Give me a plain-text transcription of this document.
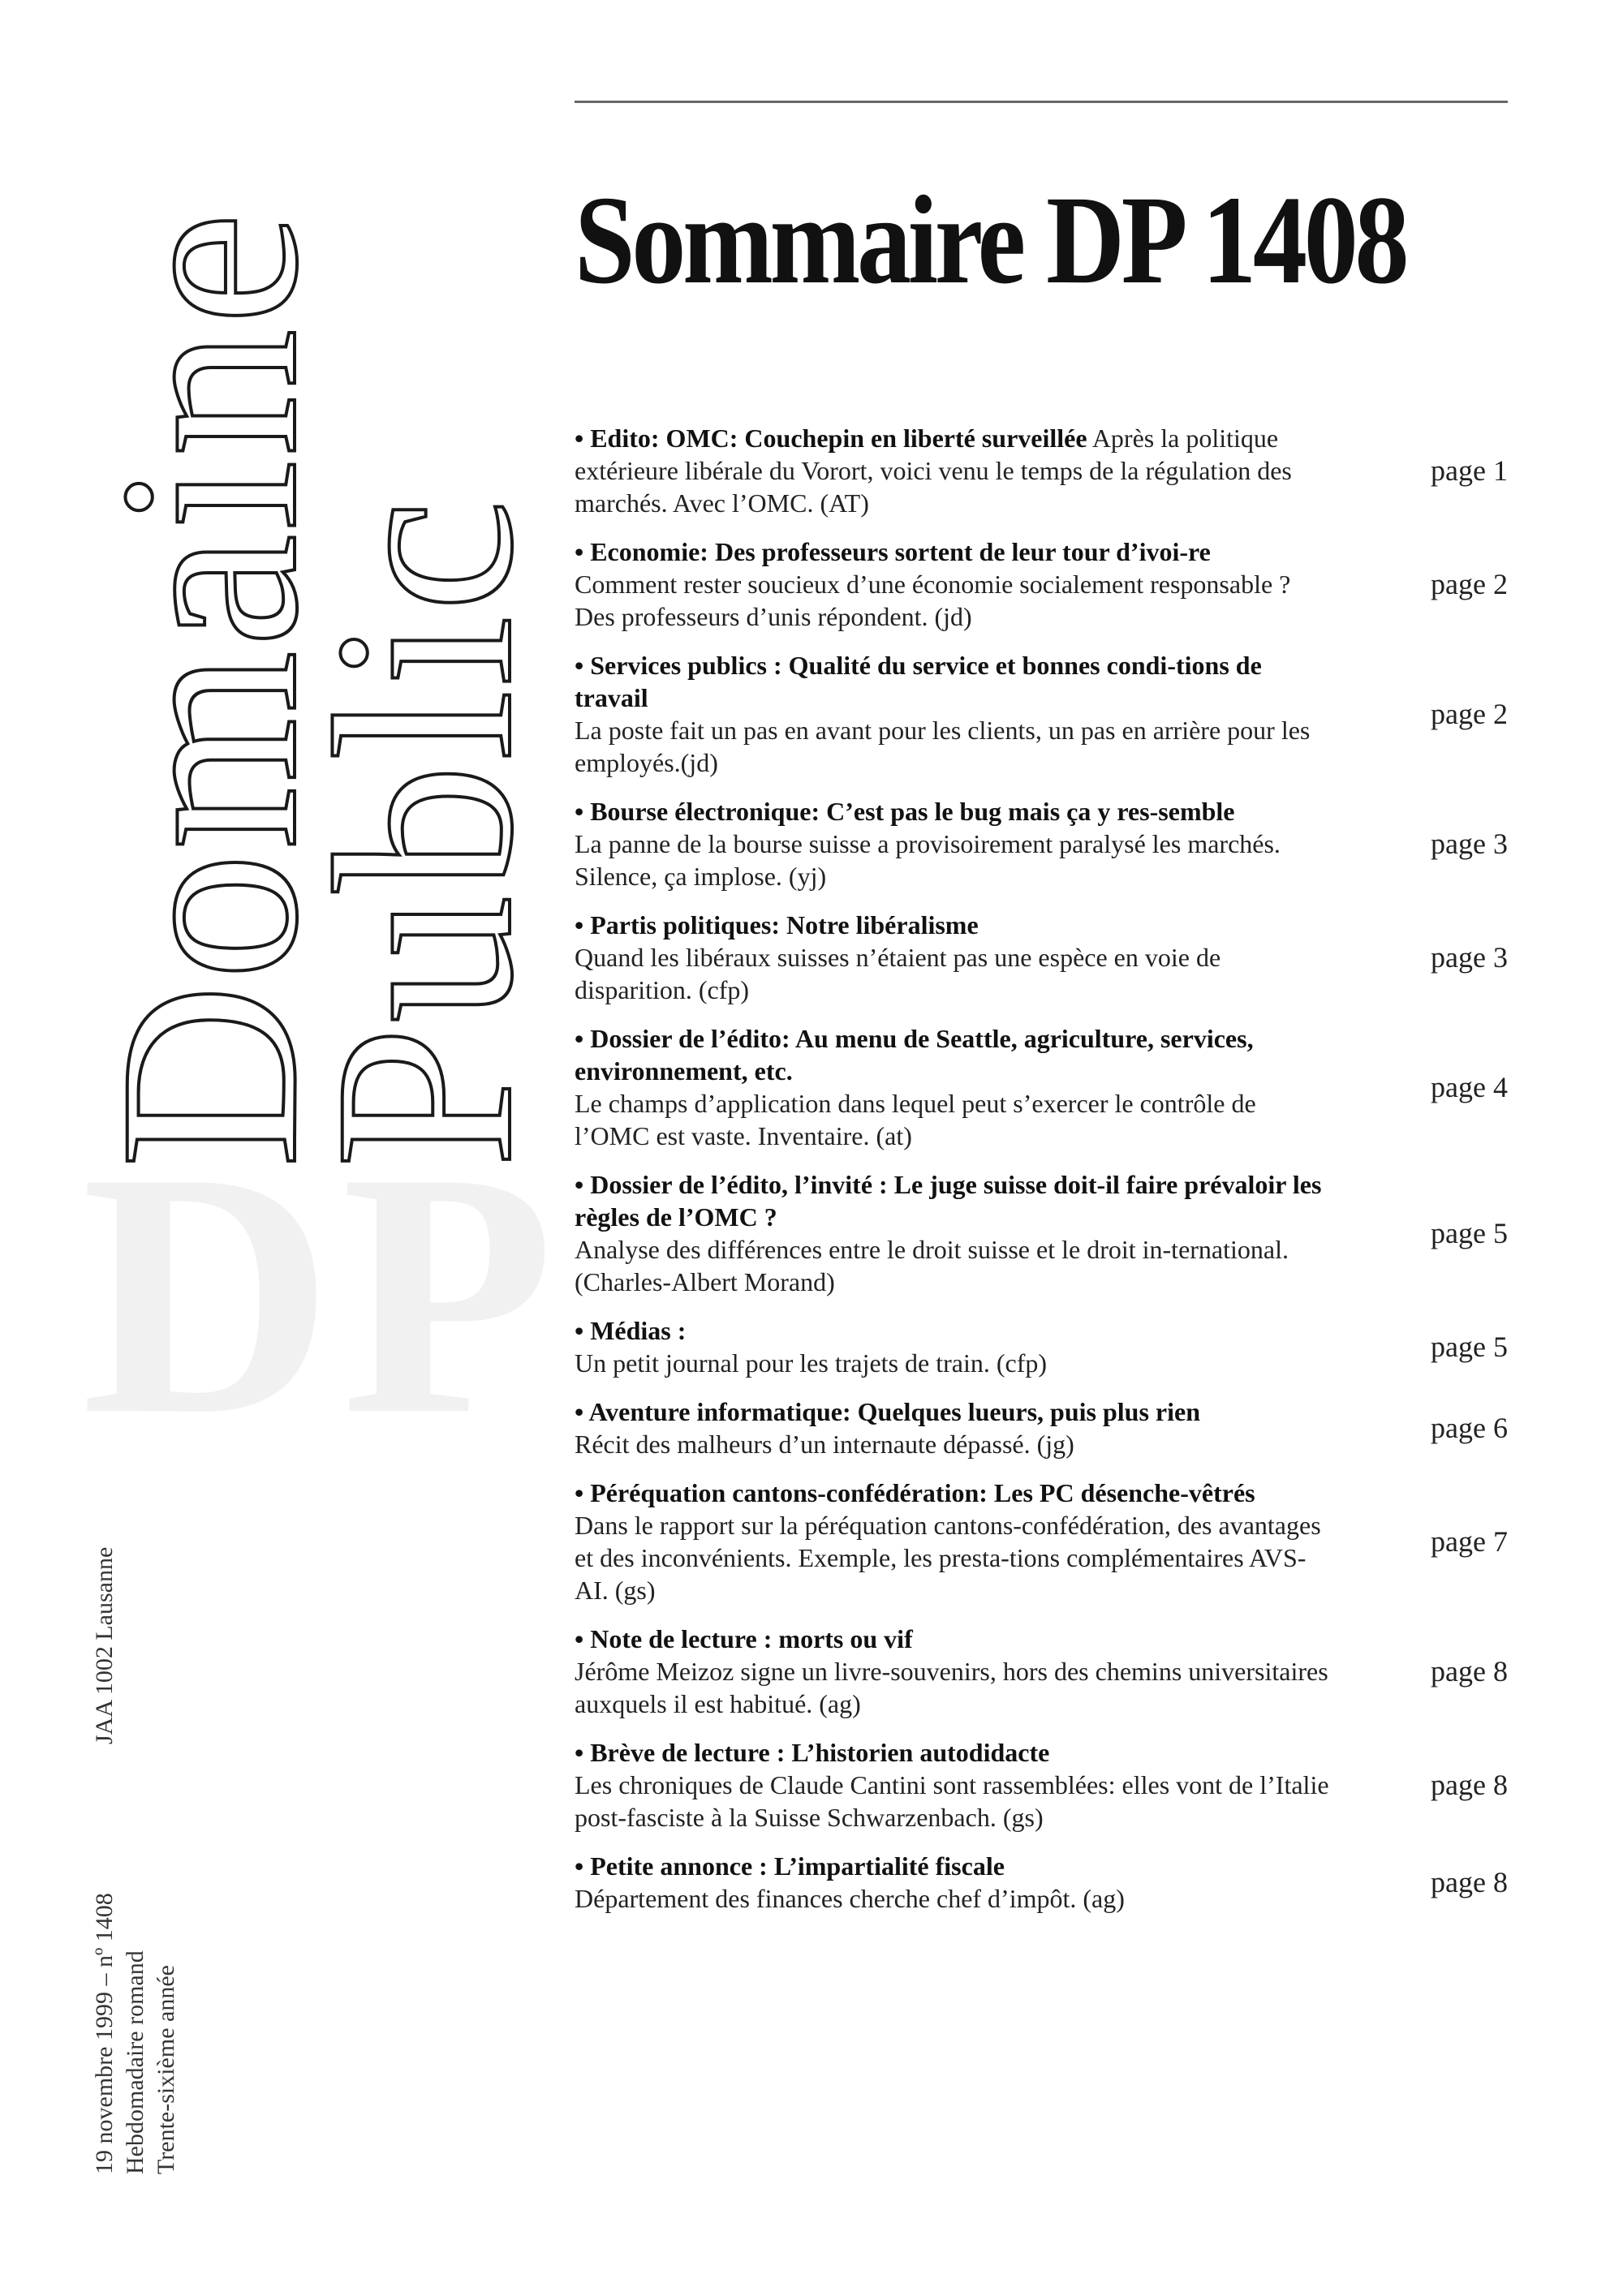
DP
Domaine
Public
JAA 1002 Lausanne
19 novembre 1999 – nº 1408 Hebdomadaire romand Trente-sixième année
Sommaire DP 1408
• Edito: OMC: Couchepin en liberté surveillée Après la politique extérieure libérale du Vorort, voici venu le temps de la régulation des marchés. Avec l’OMC. (AT)
page 1
• Economie: Des professeurs sortent de leur tour d’ivoi-re
Comment rester soucieux d’une économie socialement responsable ? Des professeurs d’unis répondent. (jd)
page 2
• Services publics : Qualité du service et bonnes condi-tions de travail
La poste fait un pas en avant pour les clients, un pas en arrière pour les employés.(jd)
page 2
• Bourse électronique: C’est pas le bug mais ça y res-semble
La panne de la bourse suisse a provisoirement paralysé les marchés. Silence, ça implose. (yj)
page 3
• Partis politiques: Notre libéralisme
Quand les libéraux suisses n’étaient pas une espèce en voie de disparition. (cfp)
page 3
• Dossier de l’édito: Au menu de Seattle, agriculture, services, environnement, etc.
Le champs d’application dans lequel peut s’exercer le contrôle de l’OMC est vaste. Inventaire. (at)
page 4
• Dossier de l’édito, l’invité : Le juge suisse doit-il faire prévaloir les règles de l’OMC ?
Analyse des différences entre le droit suisse et le droit in-ternational. (Charles-Albert Morand)
page 5
• Médias :
Un petit journal pour les trajets de train. (cfp)	page 5
• Aventure informatique: Quelques lueurs, puis plus rien
Récit des malheurs d’un internaute dépassé. (jg)	page 6
• Péréquation cantons-confédération: Les PC désenche-vêtrés
Dans le rapport sur la péréquation cantons-confédération, des avantages et des inconvénients. Exemple, les presta-tions complémentaires AVS-AI. (gs)
page 7
• Note de lecture : morts ou vif
Jérôme Meizoz signe un livre-souvenirs, hors des chemins universitaires auxquels il est habitué. (ag)
page 8
• Brève de lecture : L’historien autodidacte
Les chroniques de Claude Cantini sont rassemblées: elles vont de l’Italie post-fasciste à la Suisse Schwarzenbach. (gs)
page 8
• Petite annonce : L’impartialité fiscale
Département des finances cherche chef d’impôt. (ag)	page 8
